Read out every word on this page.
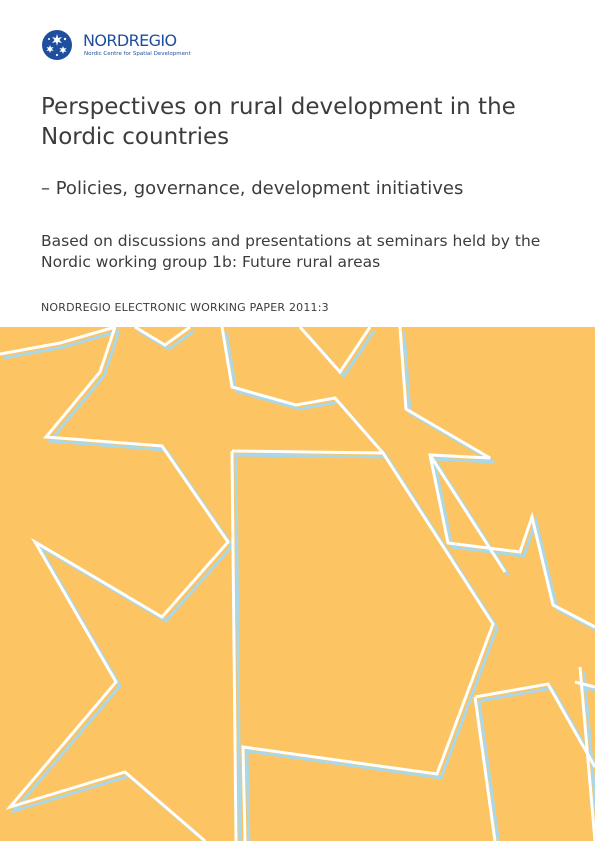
NORDREGIO
Nordic Centre for Spatial Development
Perspectives on rural development in the Nordic countries
– Policies, governance, development initiatives

Based on discussions and presentations at seminars held by the Nordic working group 1b: Future rural areas

NORDREGIO ELECTRONIC WORKING PAPER 2011:3
